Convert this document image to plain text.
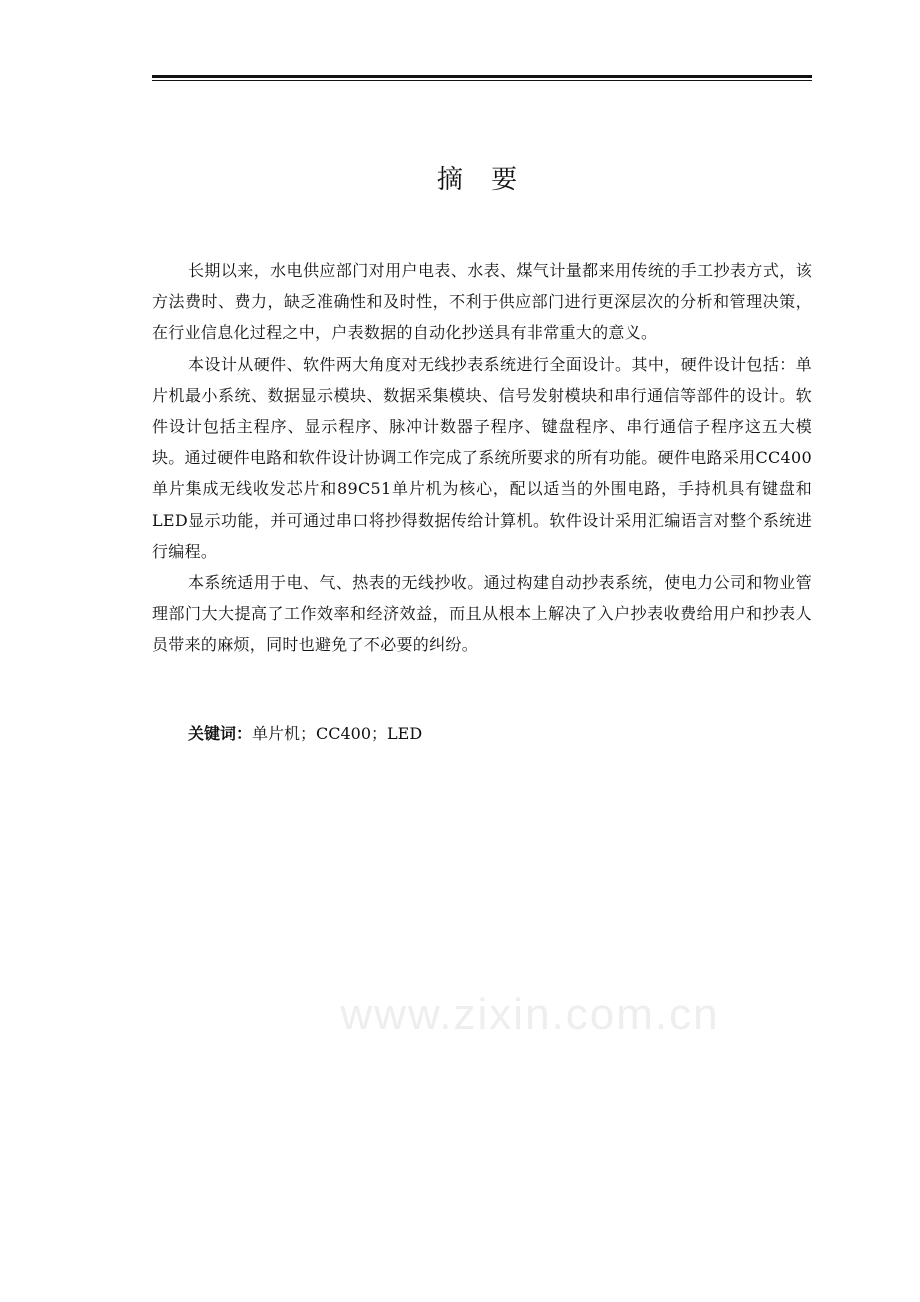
摘 要

长期以来，水电供应部门对用户电表、水表、煤气计量都来用传统的手工抄表方式，该方法费时、费力，缺乏准确性和及时性，不利于供应部门进行更深层次的分析和管理决策，在行业信息化过程之中，户表数据的自动化抄送具有非常重大的意义。

本设计从硬件、软件两大角度对无线抄表系统进行全面设计。其中，硬件设计包括：单片机最小系统、数据显示模块、数据采集模块、信号发射模块和串行通信等部件的设计。软件设计包括主程序、显示程序、脉冲计数器子程序、键盘程序、串行通信子程序这五大模块。通过硬件电路和软件设计协调工作完成了系统所要求的所有功能。硬件电路采用CC400单片集成无线收发芯片和89C51单片机为核心，配以适当的外围电路，手持机具有键盘和LED显示功能，并可通过串口将抄得数据传给计算机。软件设计采用汇编语言对整个系统进行编程。

本系统适用于电、气、热表的无线抄收。通过构建自动抄表系统，使电力公司和物业管理部门大大提高了工作效率和经济效益，而且从根本上解决了入户抄表收费给用户和抄表人员带来的麻烦，同时也避免了不必要的纠纷。

关键词：单片机；CC400；LED
www.zixin.com.cn
